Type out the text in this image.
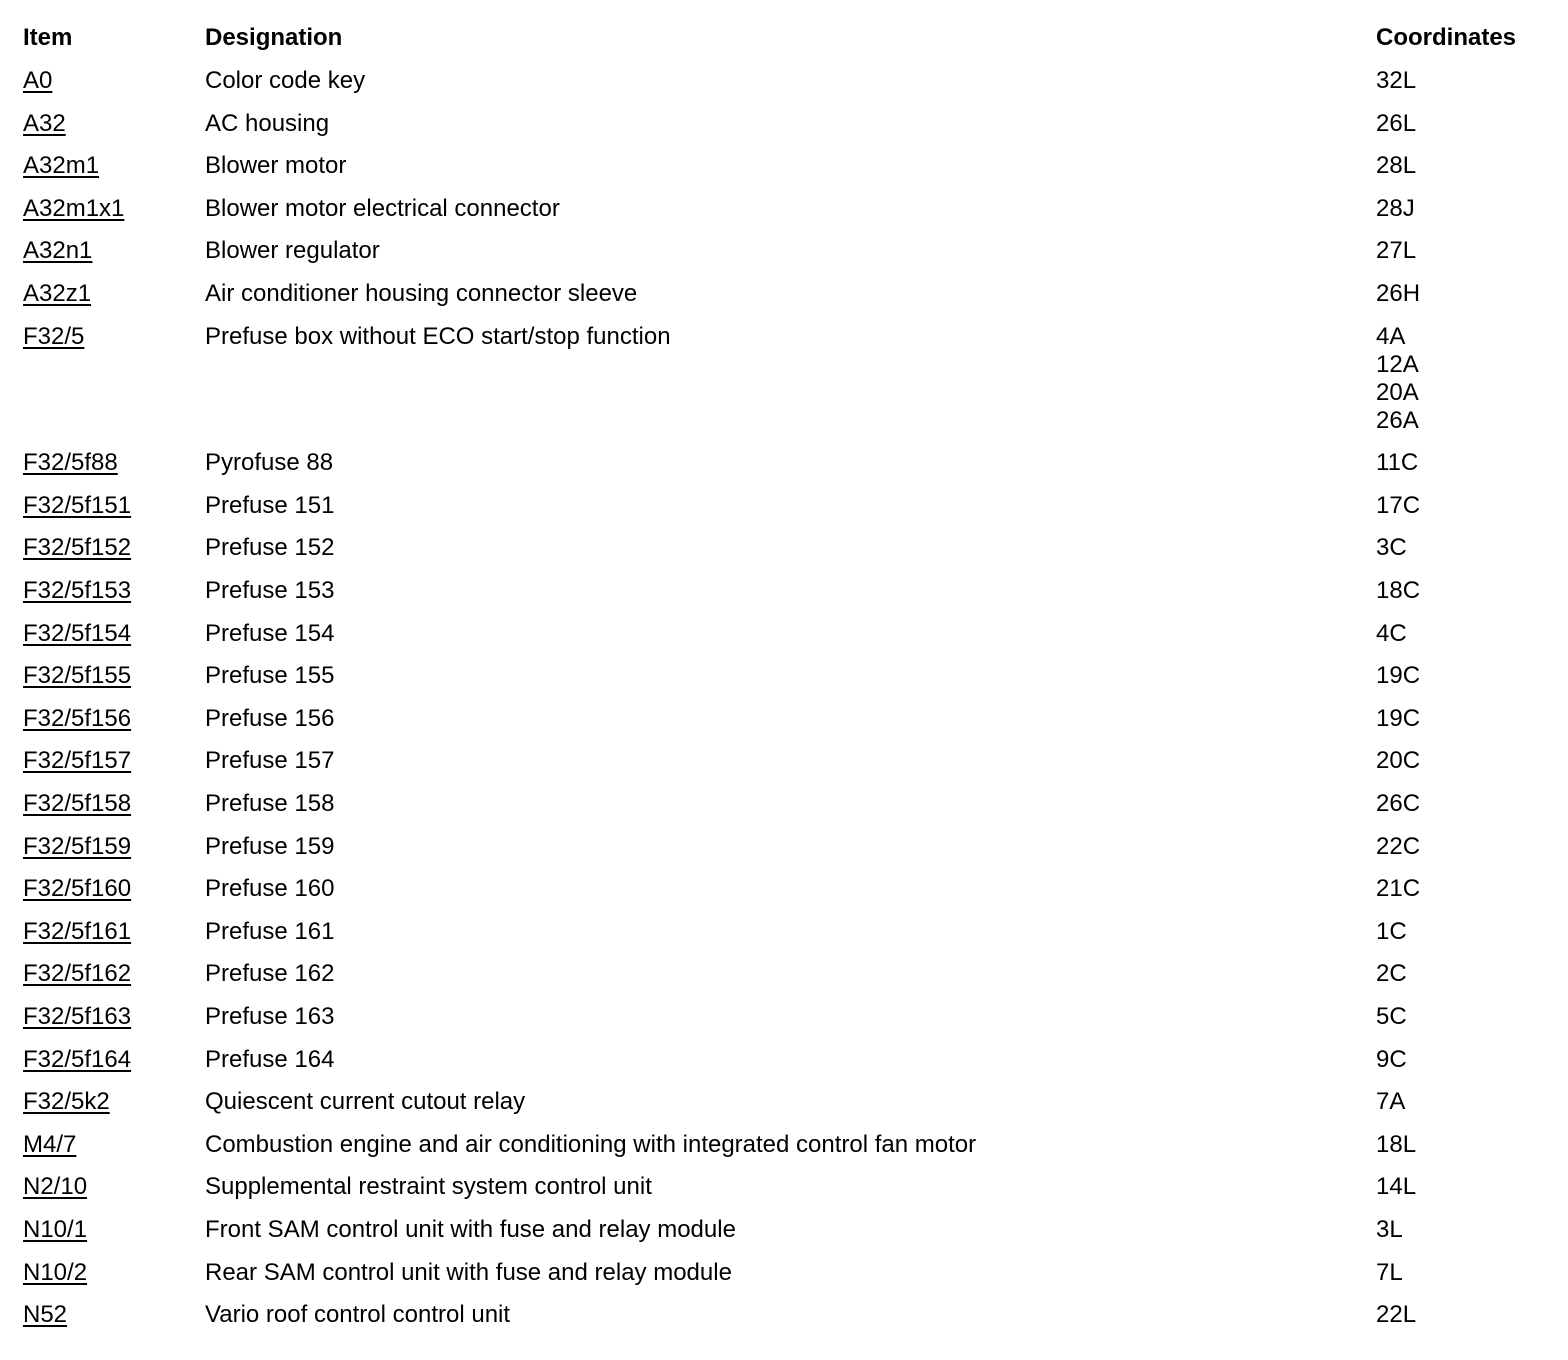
Item	Designation	Coordinates
A0	Color code key	32L
A32	AC housing	26L
A32m1	Blower motor	28L
A32m1x1	Blower motor electrical connector	28J
A32n1	Blower regulator	27L
A32z1	Air conditioner housing connector sleeve	26H
F32/5	Prefuse box without ECO start/stop function	4A
12A
20A
26A
F32/5f88	Pyrofuse 88	11C
F32/5f151	Prefuse 151	17C
F32/5f152	Prefuse 152	3C
F32/5f153	Prefuse 153	18C
F32/5f154	Prefuse 154	4C
F32/5f155	Prefuse 155	19C
F32/5f156	Prefuse 156	19C
F32/5f157	Prefuse 157	20C
F32/5f158	Prefuse 158	26C
F32/5f159	Prefuse 159	22C
F32/5f160	Prefuse 160	21C
F32/5f161	Prefuse 161	1C
F32/5f162	Prefuse 162	2C
F32/5f163	Prefuse 163	5C
F32/5f164	Prefuse 164	9C
F32/5k2	Quiescent current cutout relay	7A
M4/7	Combustion engine and air conditioning with integrated control fan motor	18L
N2/10	Supplemental restraint system control unit	14L
N10/1	Front SAM control unit with fuse and relay module	3L
N10/2	Rear SAM control unit with fuse and relay module	7L
N52	Vario roof control control unit	22L
